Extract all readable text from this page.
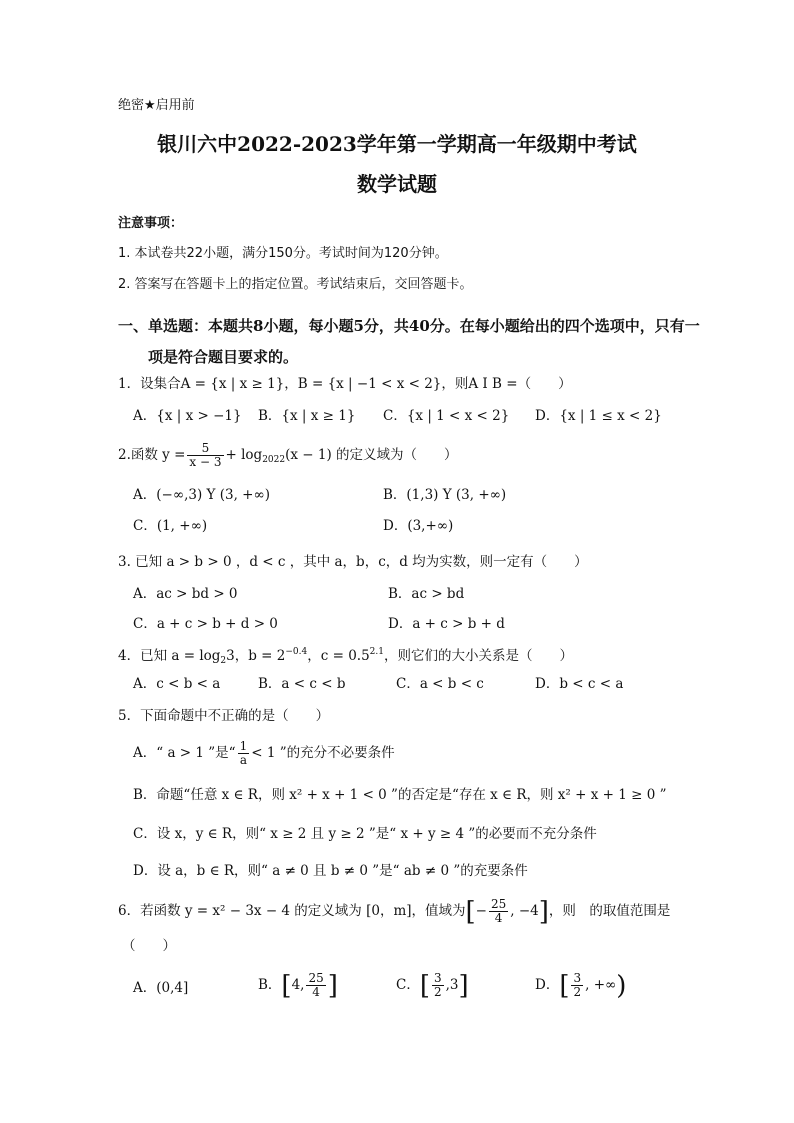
绝密★启用前
银川六中2022-2023学年第一学期高一年级期中考试
数学试题
注意事项：
1. 本试卷共22小题，满分150分。考试时间为120分钟。
2. 答案写在答题卡上的指定位置。考试结束后，交回答题卡。
一、单选题：本题共8小题，每小题5分，共40分。在每小题给出的四个选项中，只有一
项是符合题目要求的。
1．设集合A = {x | x ≥ 1}，B = {x | −1 < x < 2}，则A I B =（　　）
A．{x | x > −1} B．{x | x ≥ 1} C．{x | 1 < x < 2} D．{x | 1 ≤ x < 2}
2.函数 $y = \frac{5}{x - 3} + \log_{2022}(x - 1)$ 的定义域为（　　）
A．(−∞,3) Y (3, +∞)	B．(1,3) Y (3, +∞)
C．(1, +∞)	D．(3,+∞)
3. 已知 a > b > 0 ，d < c ，其中 a，b，c，d 均为实数，则一定有（　　）
A．ac > bd > 0	B．ac > bd
C．a + c > b + d > 0	D．a + c > b + d
4．已知 $a = \log_23$，$b = 2^{-0.4}$，$c = 0.5^{2.1}$，则它们的大小关系是（　　）
A．c < b < a	B．a < c < b	C．a < b < c	D．b < c < a
5．下面命题中不正确的是（　　）
A．“ a > 1 ”是“ $\frac{1}{a} < 1$ ”的充分不必要条件
B．命题“任意 x ∈ R，则 x² + x + 1 < 0 ”的否定是“存在 x ∈ R，则 x² + x + 1 ≥ 0 ”
C．设 x，y ∈ R，则“ x ≥ 2 且 y ≥ 2 ”是“ x + y ≥ 4 ”的必要而不充分条件
D．设 a，b ∈ R，则“ a ≠ 0 且 b ≠ 0 ”是“ ab ≠ 0 ”的充要条件
6．若函数 y = x² − 3x − 4 的定义域为 [0，m]，值域为[− $\frac{25}{4}$ , −4]，则　的取值范围是
（　　）
A．(0,4]	B．[4, $\frac{25}{4}$ ]	C．[ $\frac{3}{2} ,3$]	D．[ $\frac{3}{2}$ , +∞)
